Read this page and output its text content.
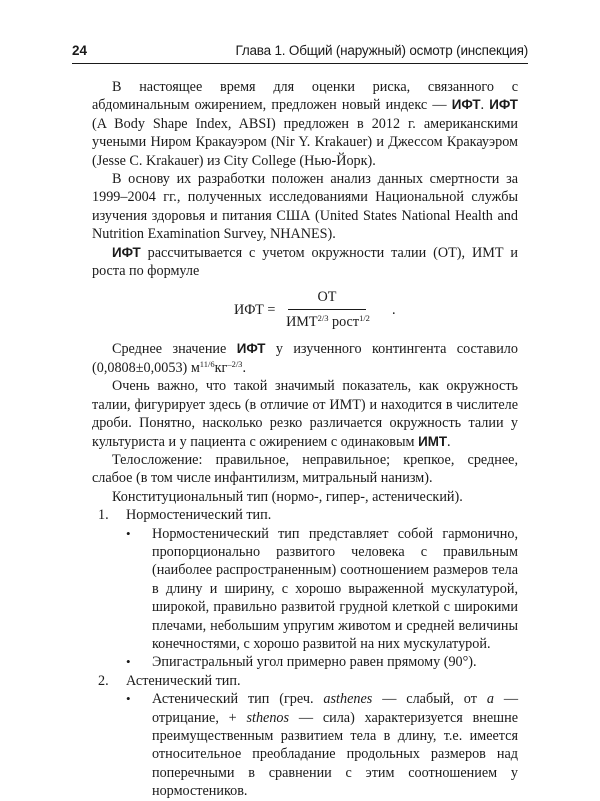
24	Глава 1. Общий (наружный) осмотр (инспекция)

В настоящее время для оценки риска, связанного с абдоминальным ожирением, предложен новый индекс — ИФТ. ИФТ (A Body Shape Index, ABSI) предложен в 2012 г. американскими учеными Ниром Кракауэром (Nir Y. Krakauer) и Джессом Кракауэром (Jesse C. Krakauer) из City College (Нью-Йорк).

В основу их разработки положен анализ данных смертности за 1999–2004 гг., полученных исследованиями Национальной службы изучения здоровья и питания США (United States National Health and Nutrition Examination Survey, NHANES).

ИФТ рассчитывается с учетом окружности талии (ОТ), ИМТ и роста по формуле

ИФТ =
ОТ
$ИМТ^{2/3}$ рост$^{1/2}$ .

Среднее значение ИФТ у изученного контингента составило (0,0808±0,0053) $м^{11/6}кг^{-2/3}$.

Очень важно, что такой значимый показатель, как окружность талии, фигурирует здесь (в отличие от ИМТ) и находится в числителе дроби. Понятно, насколько резко различается окружность талии у культуриста и у пациента с ожирением с одинаковым ИМТ.

Телосложение: правильное, неправильное; крепкое, среднее, слабое (в том числе инфантилизм, митральный нанизм).

Конституциональный тип (нормо-, гипер-, астенический).

1. Нормостенический тип.

• Нормостенический тип представляет собой гармонично, пропорционально развитого человека с правильным (наиболее распространенным) соотношением размеров тела в длину и ширину, с хорошо выраженной мускулатурой, широкой, правильно развитой грудной клеткой с широкими плечами, небольшим упругим животом и средней величины конечностями, с хорошо развитой на них мускулатурой.

• Эпигастральный угол примерно равен прямому (90°).

2. Астенический тип.

• Астенический тип (греч. asthenes — слабый, от a — отрицание, + sthenos — сила) характеризуется внешне преимущественным развитием тела в длину, т.е. имеется относительное преобладание продольных размеров над поперечными в сравнении с этим соотношением у нормостеников.
